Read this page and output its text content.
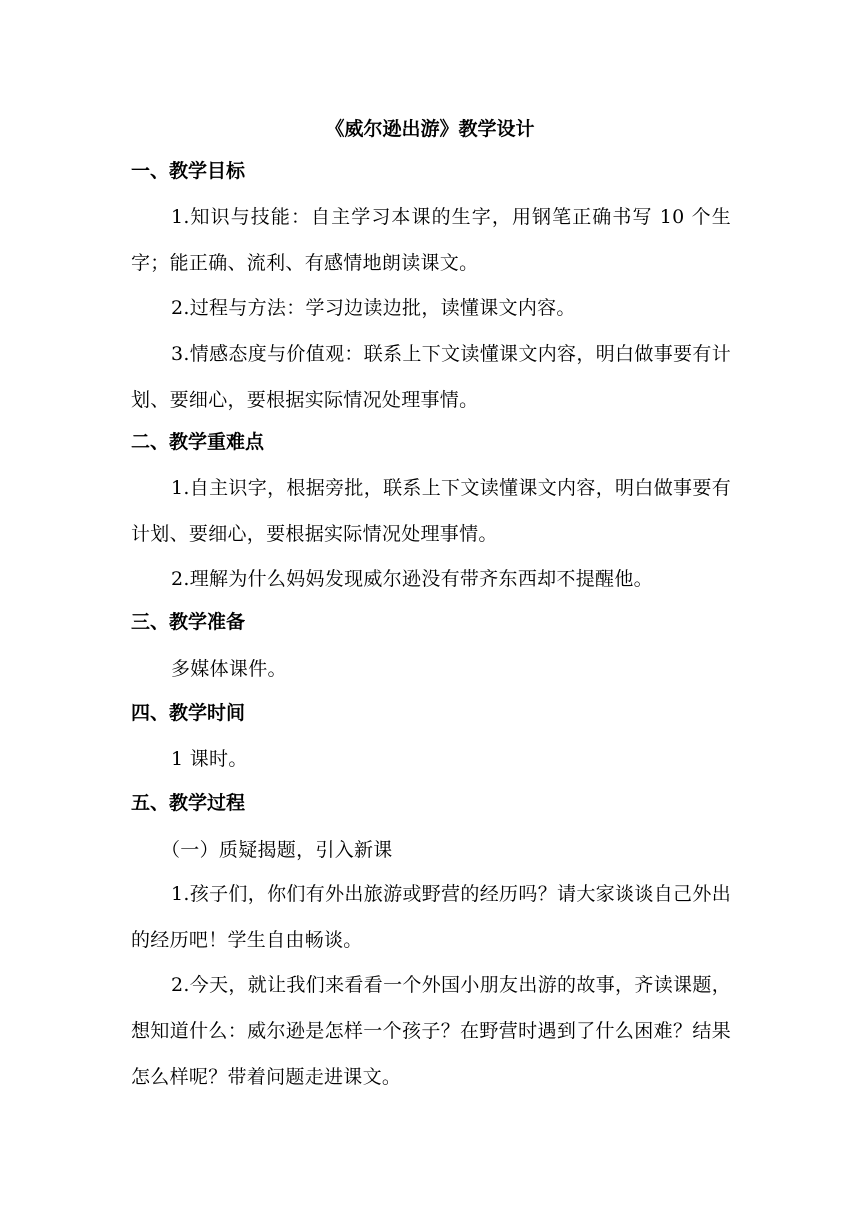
《威尔逊出游》教学设计
一、教学目标
1.知识与技能：自主学习本课的生字，用钢笔正确书写 10 个生字；能正确、流利、有感情地朗读课文。
2.过程与方法：学习边读边批，读懂课文内容。
3.情感态度与价值观：联系上下文读懂课文内容，明白做事要有计划、要细心，要根据实际情况处理事情。
二、教学重难点
1.自主识字，根据旁批，联系上下文读懂课文内容，明白做事要有计划、要细心，要根据实际情况处理事情。
2.理解为什么妈妈发现威尔逊没有带齐东西却不提醒他。
三、教学准备
多媒体课件。
四、教学时间
1 课时。
五、教学过程
（一）质疑揭题，引入新课
1.孩子们，你们有外出旅游或野营的经历吗？请大家谈谈自己外出的经历吧！学生自由畅谈。
2.今天，就让我们来看看一个外国小朋友出游的故事，齐读课题，想知道什么：威尔逊是怎样一个孩子？在野营时遇到了什么困难？结果怎么样呢？带着问题走进课文。
